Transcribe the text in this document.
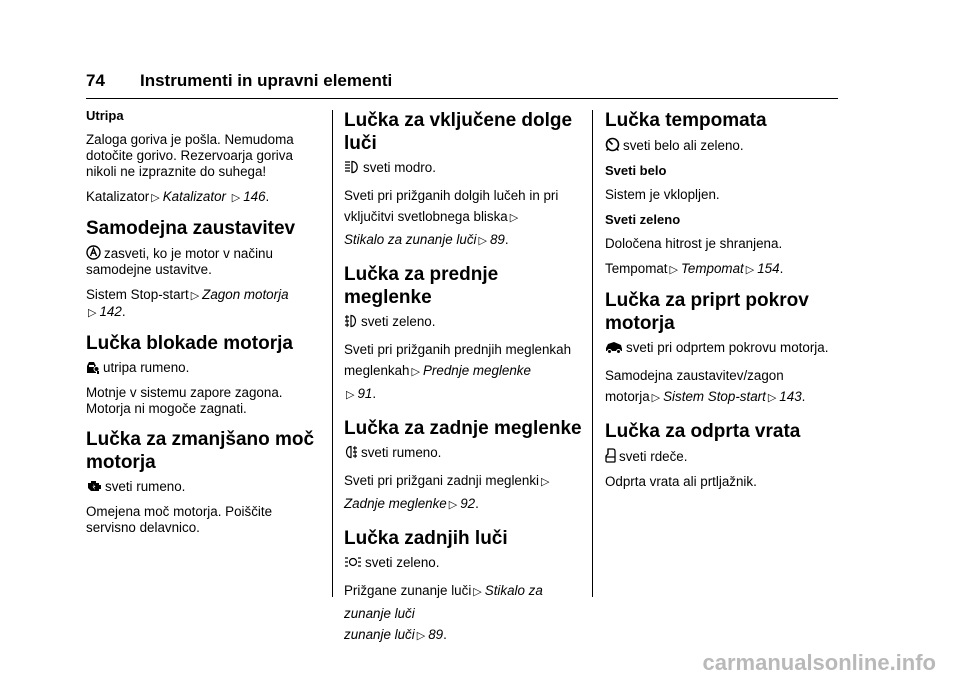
74 Instrumenti in upravni elementi
Utripa

Zaloga goriva je pošla. Nemudoma dotočite gorivo. Rezervoarja goriva nikoli ne izpraznite do suhega!

Katalizator ▷ Katalizator ▷ 146.

Samodejna zaustavitev

zasveti, ko je motor v načinu samodejne ustavitve.

Sistem Stop-start ▷ Zagon motorja
▷ 142.

Lučka blokade motorja

utripa rumeno.

Motnje v sistemu zapore zagona. Motorja ni mogoče zagnati.

Lučka za zmanjšano moč motorja

sveti rumeno.

Omejena moč motorja. Poiščite servisno delavnico.

Lučka za vključene dolge luči

sveti modro.

Sveti pri prižganih dolgih lučeh in pri vključitvi svetlobnega bliska ▷
Stikalo za zunanje luči ▷ 89.

Lučka za prednje meglenke

sveti zeleno.

Sveti pri prižganih prednjih meglenkah
meglenkah ▷ Prednje meglenke
▷ 91.

Lučka za zadnje meglenke

sveti rumeno.

Sveti pri prižgani zadnji meglenki ▷
Zadnje meglenke ▷ 92.

Lučka zadnjih luči

sveti zeleno.

Prižgane zunanje luči ▷ Stikalo za zunanje luči
zunanje luči ▷ 89.

Lučka tempomata

sveti belo ali zeleno.

Sveti belo

Sistem je vklopljen.

Sveti zeleno

Določena hitrost je shranjena.

Tempomat ▷ Tempomat ▷ 154.

Lučka za priprt pokrov motorja

sveti pri odprtem pokrovu motorja.

Samodejna zaustavitev/zagon motorja ▷ Sistem Stop-start ▷ 143.

Lučka za odprta vrata

sveti rdeče.

Odprta vrata ali prtljažnik.

carmanualsonline.info
